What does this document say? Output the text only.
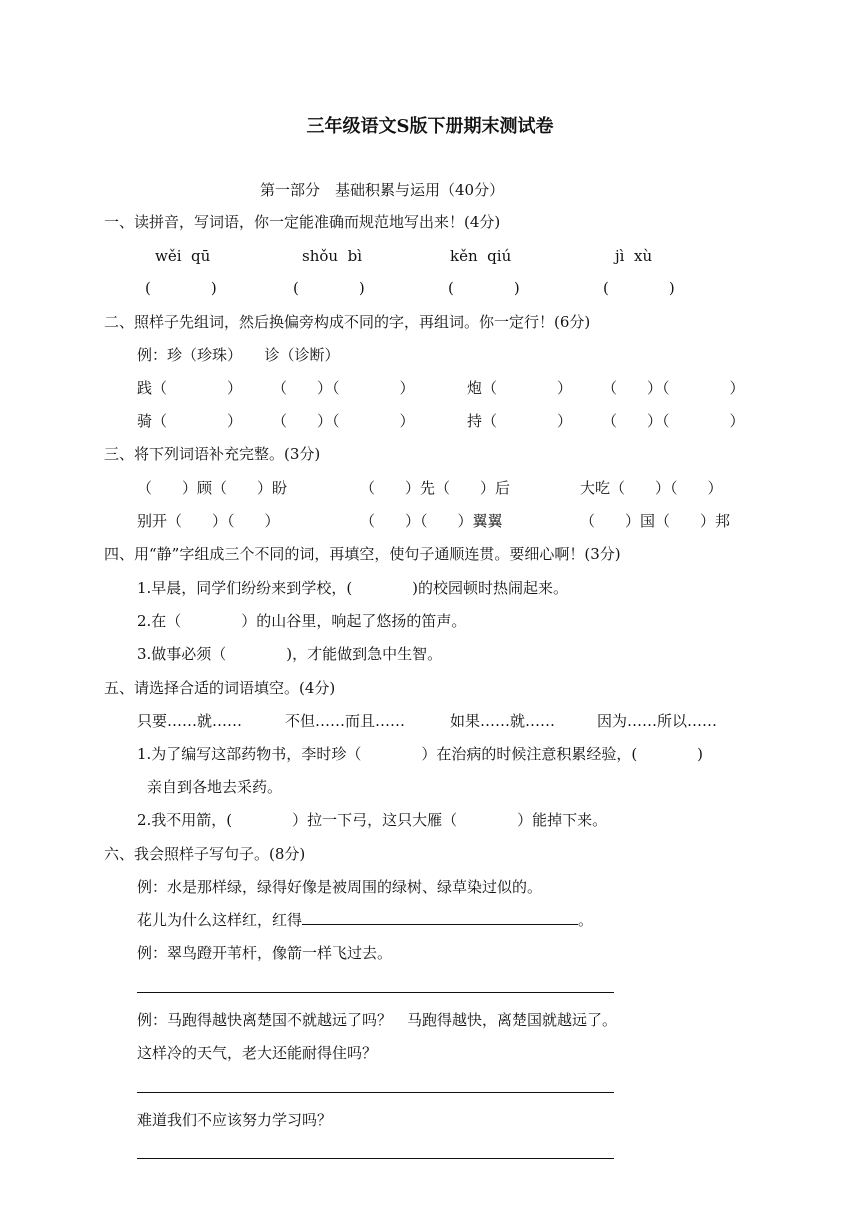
三年级语文S版下册期末测试卷
第一部分　基础积累与运用（40分）
一、读拼音，写词语，你一定能准确而规范地写出来！(4分)
wěi  qū	shǒu  bì	kěn  qiú	jì  xù
(　　　　)	(　　　　)	(　　　　)	(　　　　)
二、照样子先组词，然后换偏旁构成不同的字，再组词。你一定行！(6分)
例：珍（珍珠）　　诊（诊断）
践（　　　　）　　　（　　）（　　　　）	炮（　　　　）　　　（　　）（　　　　）
骑（　　　　）　　　（　　）（　　　　）	持（　　　　）　　　（　　）（　　　　）
三、将下列词语补充完整。(3分)
（　　）顾（　　）盼	（　　）先（　　）后	大吃（　　）（　　）
别开（　　）（　　）	（　　）（　　）翼翼	（　　）国（　　）邦
四、用“静”字组成三个不同的词，再填空，使句子通顺连贯。要细心啊！(3分)
1.早晨，同学们纷纷来到学校，(　　　　)的校园顿时热闹起来。
2.在（　　　　）的山谷里，响起了悠扬的笛声。
3.做事必须（　　　　)，才能做到急中生智。
五、请选择合适的词语填空。(4分)
只要……就……	不但……而且……	如果……就……	因为……所以……
1.为了编写这部药物书，李时珍（　　　　）在治病的时候注意积累经验，(　　　　)
亲自到各地去采药。
2.我不用箭，(　　　　）拉一下弓，这只大雁（　　　　）能掉下来。
六、我会照样子写句子。(8分)
例：水是那样绿，绿得好像是被周围的绿树、绿草染过似的。
花儿为什么这样红，红得	。
例：翠鸟蹬开苇杆，像箭一样飞过去。
例：马跑得越快离楚国不就越远了吗？　马跑得越快，离楚国就越远了。
这样冷的天气，老大还能耐得住吗？
难道我们不应该努力学习吗？
